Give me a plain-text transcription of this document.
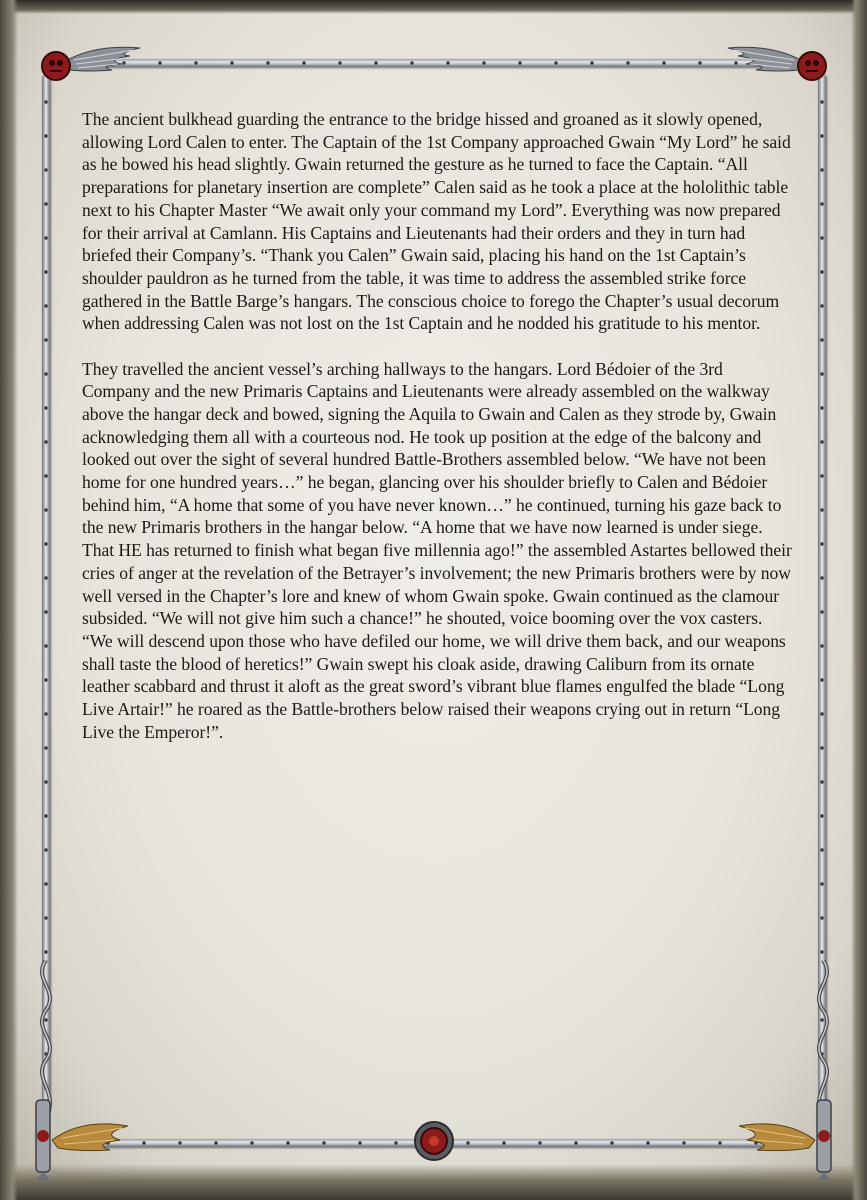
The ancient bulkhead guarding the entrance to the bridge hissed and groaned as it slowly opened, allowing Lord Calen to enter. The Captain of the 1st Company approached Gwain “My Lord” he said as he bowed his head slightly. Gwain returned the gesture as he turned to face the Captain. “All preparations for planetary insertion are complete” Calen said as he took a place at the hololithic table next to his Chapter Master “We await only your command my Lord”. Everything was now prepared for their arrival at Camlann. His Captains and Lieutenants had their orders and they in turn had briefed their Company’s. “Thank you Calen” Gwain said, placing his hand on the 1st Captain’s shoulder pauldron as he turned from the table, it was time to address the assembled strike force gathered in the Battle Barge’s hangars. The conscious choice to forego the Chapter’s usual decorum when addressing Calen was not lost on the 1st Captain and he nodded his gratitude to his mentor.

They travelled the ancient vessel’s arching hallways to the hangars. Lord Bédoier of the 3rd Company and the new Primaris Captains and Lieutenants were already assembled on the walkway above the hangar deck and bowed, signing the Aquila to Gwain and Calen as they strode by, Gwain acknowledging them all with a courteous nod. He took up position at the edge of the balcony and looked out over the sight of several hundred Battle-Brothers assembled below. “We have not been home for one hundred years…” he began, glancing over his shoulder briefly to Calen and Bédoier behind him, “A home that some of you have never known…” he continued, turning his gaze back to the new Primaris brothers in the hangar below. “A home that we have now learned is under siege. That HE has returned to finish what began five millennia ago!” the assembled Astartes bellowed their cries of anger at the revelation of the Betrayer’s involvement; the new Primaris brothers were by now well versed in the Chapter’s lore and knew of whom Gwain spoke. Gwain continued as the clamour subsided. “We will not give him such a chance!” he shouted, voice booming over the vox casters. “We will descend upon those who have defiled our home, we will drive them back, and our weapons shall taste the blood of heretics!” Gwain swept his cloak aside, drawing Caliburn from its ornate leather scabbard and thrust it aloft as the great sword’s vibrant blue flames engulfed the blade “Long Live Artair!” he roared as the Battle-brothers below raised their weapons crying out in return “Long Live the Emperor!”.
